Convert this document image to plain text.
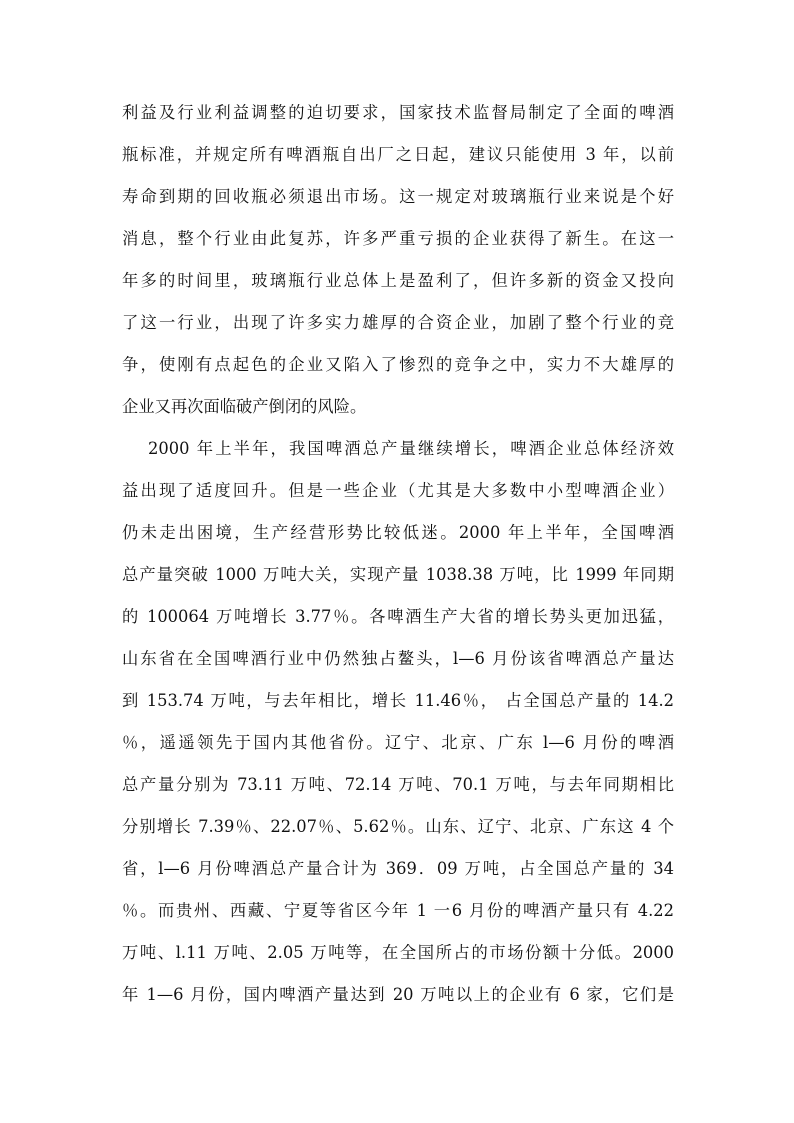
利益及行业利益调整的迫切要求，国家技术监督局制定了全面的啤酒
瓶标准，并规定所有啤酒瓶自出厂之日起，建议只能使用 3 年，以前
寿命到期的回收瓶必须退出市场。这一规定对玻璃瓶行业来说是个好
消息，整个行业由此复苏，许多严重亏损的企业获得了新生。在这一
年多的时间里，玻璃瓶行业总体上是盈利了，但许多新的资金又投向
了这一行业，出现了许多实力雄厚的合资企业，加剧了整个行业的竞
争，使刚有点起色的企业又陷入了惨烈的竞争之中，实力不大雄厚的
企业又再次面临破产倒闭的风险。
2000 年上半年，我国啤酒总产量继续增长，啤酒企业总体经济效
益出现了适度回升。但是一些企业（尤其是大多数中小型啤酒企业）
仍未走出困境，生产经营形势比较低迷。2000 年上半年，全国啤酒
总产量突破 1000 万吨大关，实现产量 1038.38 万吨，比 1999 年同期
的 100064 万吨增长 3.77％。各啤酒生产大省的增长势头更加迅猛，
山东省在全国啤酒行业中仍然独占鳌头，l—6 月份该省啤酒总产量达
到 153.74 万吨，与去年相比，增长 11.46％， 占全国总产量的 14.2
％，遥遥领先于国内其他省份。辽宁、北京、广东 l—6 月份的啤酒
总产量分别为 73.11 万吨、72.14 万吨、70.1 万吨，与去年同期相比
分别增长 7.39％、22.07％、5.62％。山东、辽宁、北京、广东这 4 个
省，l—6 月份啤酒总产量合计为 369．09 万吨，占全国总产量的 34
％。而贵州、西藏、宁夏等省区今年 1 一6 月份的啤酒产量只有 4.22
万吨、l.11 万吨、2.05 万吨等，在全国所占的市场份额十分低。2000
年 1—6 月份，国内啤酒产量达到 20 万吨以上的企业有 6 家，它们是
